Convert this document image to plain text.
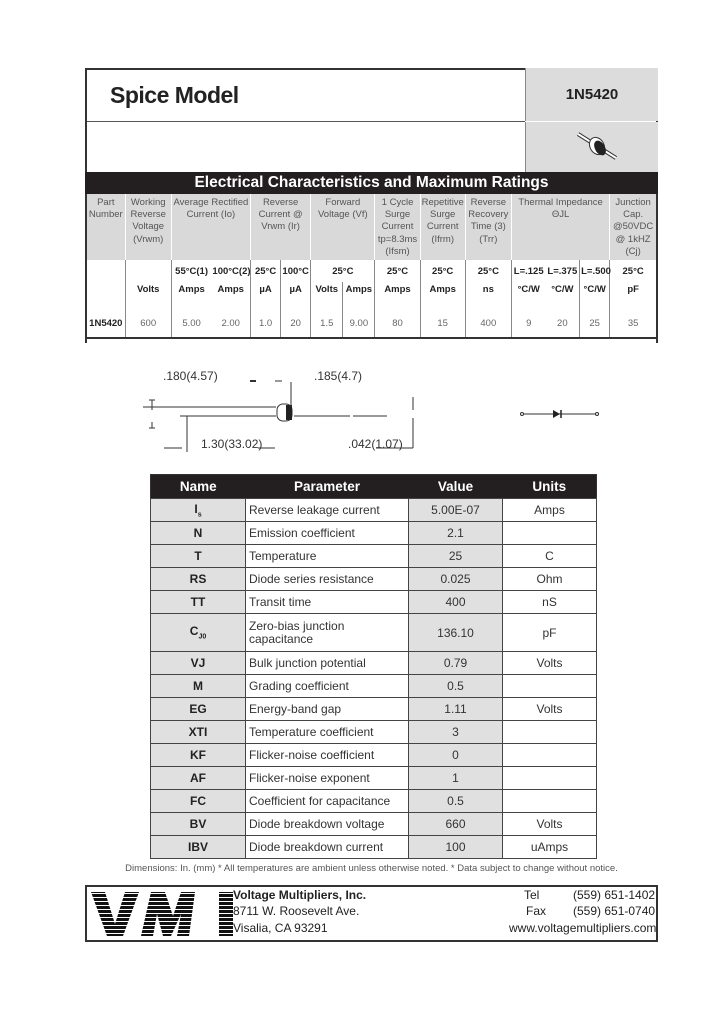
Spice Model	1N5420
Electrical Characteristics and Maximum Ratings
Part Number	Working Reverse Voltage (Vrwm)	Average Rectified Current (Io)		Reverse Current @ Vrwm (Ir)		Forward Voltage (Vf)		1 Cycle Surge Current tp=8.3ms (Ifsm)	Repetitive Surge Current (Ifrm)	Reverse Recovery Time (3) (Trr)	Thermal Impedance ΘJL			Junction Cap. @50VDC @ 1kHZ (Cj)
		55°C(1)	100°C(2)	25°C	100°C	25°C		25°C	25°C	25°C	L=.125	L=.375	L=.500	25°C
	Volts	Amps	Amps	µA	µA	Volts	Amps	Amps	Amps	ns	°C/W	°C/W	°C/W	pF
1N5420	600	5.00	2.00	1.0	20	1.5	9.00	80	15	400	9	20	25	35
.180(4.57)	.185(4.7)
1.30(33.02)	.042(1.07)
Name	Parameter	Value	Units
$I_s$	Reverse leakage current	5.00E-07	Amps
N	Emission coefficient	2.1	
T	Temperature	25	C
RS	Diode series resistance	0.025	Ohm
TT	Transit time	400	nS
$C_{J0}$	Zero-bias junction capacitance	136.10	pF
VJ	Bulk junction potential	0.79	Volts
M	Grading coefficient	0.5	
EG	Energy-band gap	1.11	Volts
XTI	Temperature coefficient	3	
KF	Flicker-noise coefficient	0	
AF	Flicker-noise exponent	1	
FC	Coefficient for capacitance	0.5	
BV	Diode breakdown voltage	660	Volts
IBV	Diode breakdown current	100	uAmps
Dimensions: In. (mm) * All temperatures are ambient unless otherwise noted. * Data subject to change without notice.
Voltage Multipliers, Inc.
8711 W. Roosevelt Ave.
Visalia, CA 93291
Tel	(559) 651-1402
Fax (559) 651-0740
www.voltagemultipliers.com
